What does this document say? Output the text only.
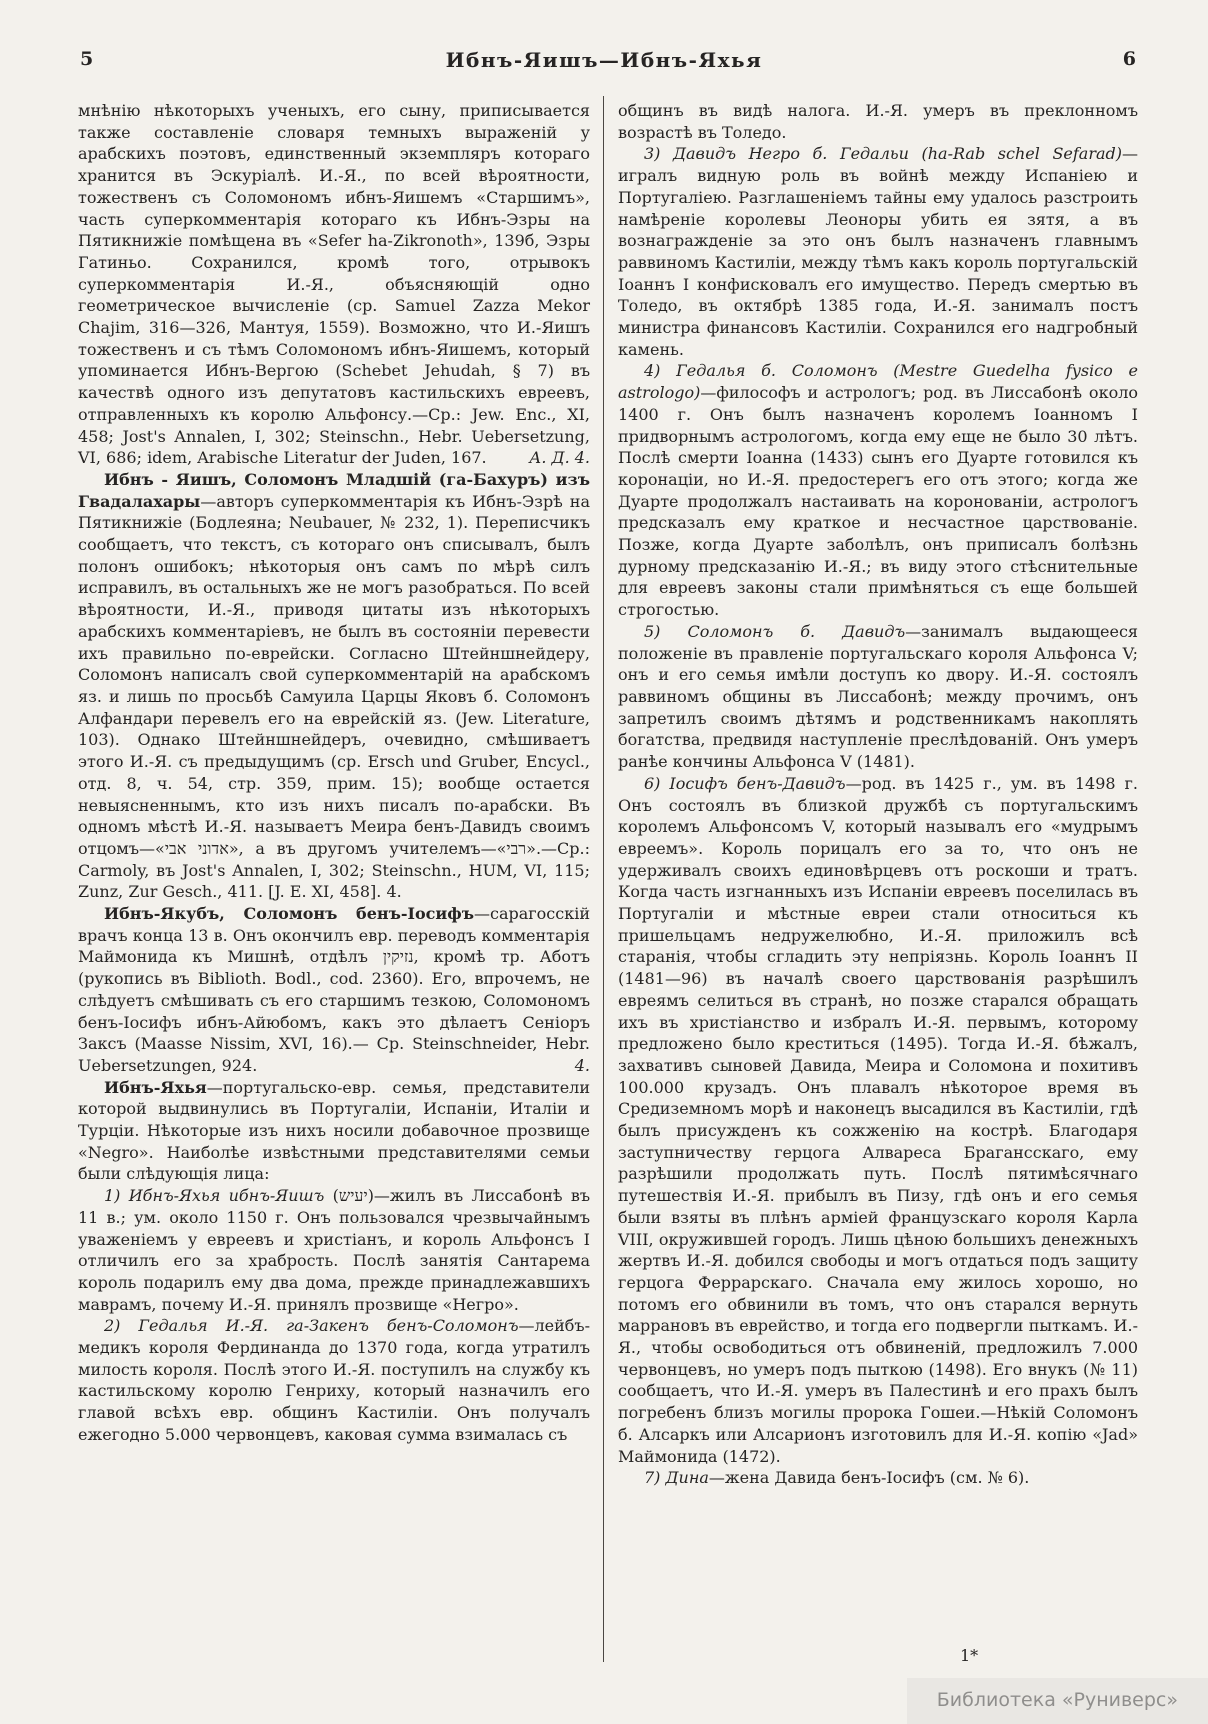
5	Ибнъ-Яишъ—Ибнъ-Яхья	6

мнѣнію нѣкоторыхъ ученыхъ, его сыну, приписывается также составленіе словаря темныхъ выраженій у арабскихъ поэтовъ, единственный экземпляръ котораго хранится въ Эскуріалѣ. И.-Я., по всей вѣроятности, тожественъ съ Соломономъ ибнъ-Яишемъ «Старшимъ», часть суперкомментарія котораго къ Ибнъ-Эзры на Пятикнижіе помѣщена въ «Sefer ha-Zikronoth», 139б, Эзры Гатиньо. Сохранился, кромѣ того, отрывокъ суперкомментарія И.-Я., объясняющій одно геометрическое вычисленіе (ср. Samuel Zazza Mekor Chajim, 316—326, Мантуя, 1559). Возможно, что И.-Яишъ тожественъ и съ тѣмъ Соломономъ ибнъ-Яишемъ, который упоминается Ибнъ-Вергою (Schebet Jehudah, § 7) въ качествѣ одного изъ депутатовъ кастильскихъ евреевъ, отправленныхъ къ королю Альфонсу.—Ср.: Jew. Enc., XI, 458; Jost's Annalen, I, 302; Steinschn., Hebr. Uebersetzung, VI, 686; idem, Arabische Literatur der Juden, 167.	А. Д. 4.

Ибнъ - Яишъ, Соломонъ Младшій (га-Бахуръ) изъ Гвадалахары—авторъ суперкомментарія къ Ибнъ-Эзрѣ на Пятикнижіе (Бодлеяна; Neubauer, № 232, 1). Переписчикъ сообщаетъ, что текстъ, съ котораго онъ списывалъ, былъ полонъ ошибокъ; нѣкоторыя онъ самъ по мѣрѣ силъ исправилъ, въ остальныхъ же не могъ разобраться. По всей вѣроятности, И.-Я., приводя цитаты изъ нѣкоторыхъ арабскихъ комментаріевъ, не былъ въ состояніи перевести ихъ правильно по-еврейски. Согласно Штейншнейдеру, Соломонъ написалъ свой суперкомментарій на арабскомъ яз. и лишь по просьбѣ Самуила Царцы Яковъ б. Соломонъ Алфандари перевелъ его на еврейскій яз. (Jew. Literature, 103). Однако Штейншнейдеръ, очевидно, смѣшиваетъ этого И.-Я. съ предыдущимъ (ср. Ersch und Gruber, Encycl., отд. 8, ч. 54, стр. 359, прим. 15); вообще остается невыясненнымъ, кто изъ нихъ писалъ по-арабски. Въ одномъ мѣстѣ И.-Я. называетъ Меира бенъ-Давидъ своимъ отцомъ—«אדוני אבי», а въ другомъ учителемъ—«רבי».—Ср.: Carmoly, въ Jost's Annalen, I, 302; Steinschn., HUM, VI, 115; Zunz, Zur Gesch., 411. [J. E. XI, 458]. 4.

Ибнъ-Якубъ, Соломонъ бенъ-Іосифъ—сарагосскій врачъ конца 13 в. Онъ окончилъ евр. переводъ комментарія Маймонида къ Мишнѣ, отдѣлъ נזיקין, кромѣ тр. Аботъ (рукопись въ Biblioth. Bodl., cod. 2360). Его, впрочемъ, не слѣдуетъ смѣшивать съ его старшимъ тезкою, Соломономъ бенъ-Іосифъ ибнъ-Айюбомъ, какъ это дѣлаетъ Сеніоръ Заксъ (Maasse Nissim, XVI, 16).— Ср. Steinschneider, Hebr. Uebersetzungen, 924.	4.

Ибнъ-Яхья—португальско-евр. семья, представители которой выдвинулись въ Португаліи, Испаніи, Италіи и Турціи. Нѣкоторые изъ нихъ носили добавочное прозвище «Negro». Наиболѣе извѣстными представителями семьи были слѣдующія лица:

1) Ибнъ-Яхья ибнъ-Яишъ (יעיש)—жилъ въ Лиссабонѣ въ 11 в.; ум. около 1150 г. Онъ пользовался чрезвычайнымъ уваженіемъ у евреевъ и христіанъ, и король Альфонсъ I отличилъ его за храбрость. Послѣ занятія Сантарема король подарилъ ему два дома, прежде принадлежавшихъ маврамъ, почему И.-Я. принялъ прозвище «Негро».

2) Гедалья И.-Я. га-Закенъ бенъ-Соломонъ—лейбъ-медикъ короля Фердинанда до 1370 года, когда утратилъ милость короля. Послѣ этого И.-Я. поступилъ на службу къ кастильскому королю Генриху, который назначилъ его главой всѣхъ евр. общинъ Кастиліи. Онъ получалъ ежегодно 5.000 червонцевъ, каковая сумма взималась съ

общинъ въ видѣ налога. И.-Я. умеръ въ преклонномъ возрастѣ въ Толедо.

3) Давидъ Негро б. Гедальи (ha-Rab schel Sefarad)—игралъ видную роль въ войнѣ между Испаніею и Португаліею. Разглашеніемъ тайны ему удалось разстроить намѣреніе королевы Леоноры убить ея зятя, а въ вознагражденіе за это онъ былъ назначенъ главнымъ раввиномъ Кастиліи, между тѣмъ какъ король португальскій Іоаннъ I конфисковалъ его имущество. Передъ смертью въ Толедо, въ октябрѣ 1385 года, И.-Я. занималъ постъ министра финансовъ Кастиліи. Сохранился его надгробный камень.

4) Гедалья б. Соломонъ (Mestre Guedelha fysico e astrologo)—философъ и астрологъ; род. въ Лиссабонѣ около 1400 г. Онъ былъ назначенъ королемъ Іоанномъ I придворнымъ астрологомъ, когда ему еще не было 30 лѣтъ. Послѣ смерти Іоанна (1433) сынъ его Дуарте готовился къ коронаціи, но И.-Я. предостерегъ его отъ этого; когда же Дуарте продолжалъ настаивать на коронованіи, астрологъ предсказалъ ему краткое и несчастное царствованіе. Позже, когда Дуарте заболѣлъ, онъ приписалъ болѣзнь дурному предсказанію И.-Я.; въ виду этого стѣснительные для евреевъ законы стали примѣняться съ еще большей строгостью.

5) Соломонъ б. Давидъ—занималъ выдающееся положеніе въ правленіе португальскаго короля Альфонса V; онъ и его семья имѣли доступъ ко двору. И.-Я. состоялъ раввиномъ общины въ Лиссабонѣ; между прочимъ, онъ запретилъ своимъ дѣтямъ и родственникамъ накоплять богатства, предвидя наступленіе преслѣдованій. Онъ умеръ ранѣе кончины Альфонса V (1481).

6) Іосифъ бенъ-Давидъ—род. въ 1425 г., ум. въ 1498 г. Онъ состоялъ въ близкой дружбѣ съ португальскимъ королемъ Альфонсомъ V, который называлъ его «мудрымъ евреемъ». Король порицалъ его за то, что онъ не удерживалъ своихъ единовѣрцевъ отъ роскоши и тратъ. Когда часть изгнанныхъ изъ Испаніи евреевъ поселилась въ Португаліи и мѣстные евреи стали относиться къ пришельцамъ недружелюбно, И.-Я. приложилъ всѣ старанія, чтобы сгладить эту непріязнь. Король Іоаннъ II (1481—96) въ началѣ своего царствованія разрѣшилъ евреямъ селиться въ странѣ, но позже старался обращать ихъ въ христіанство и избралъ И.-Я. первымъ, которому предложено было креститься (1495). Тогда И.-Я. бѣжалъ, захвативъ сыновей Давида, Меира и Соломона и похитивъ 100.000 крузадъ. Онъ плавалъ нѣкоторое время въ Средиземномъ морѣ и наконецъ высадился въ Кастиліи, гдѣ былъ присужденъ къ сожженію на кострѣ. Благодаря заступничеству герцога Алвареса Брагансскаго, ему разрѣшили продолжать путь. Послѣ пятимѣсячнаго путешествія И.-Я. прибылъ въ Пизу, гдѣ онъ и его семья были взяты въ плѣнъ арміей французскаго короля Карла VIII, окружившей городъ. Лишь цѣною большихъ денежныхъ жертвъ И.-Я. добился свободы и могъ отдаться подъ защиту герцога Феррарскаго. Сначала ему жилось хорошо, но потомъ его обвинили въ томъ, что онъ старался вернуть маррановъ въ еврейство, и тогда его подвергли пыткамъ. И.-Я., чтобы освободиться отъ обвиненій, предложилъ 7.000 червонцевъ, но умеръ подъ пыткою (1498). Его внукъ (№ 11) сообщаетъ, что И.-Я. умеръ въ Палестинѣ и его прахъ былъ погребенъ близъ могилы пророка Гошеи.—Нѣкій Соломонъ б. Алсаркъ или Алсарионъ изготовилъ для И.-Я. копію «Jad» Маймонида (1472).

7) Дина—жена Давида бенъ-Іосифъ (см. № 6).

1*
Библиотека «Руниверс»
